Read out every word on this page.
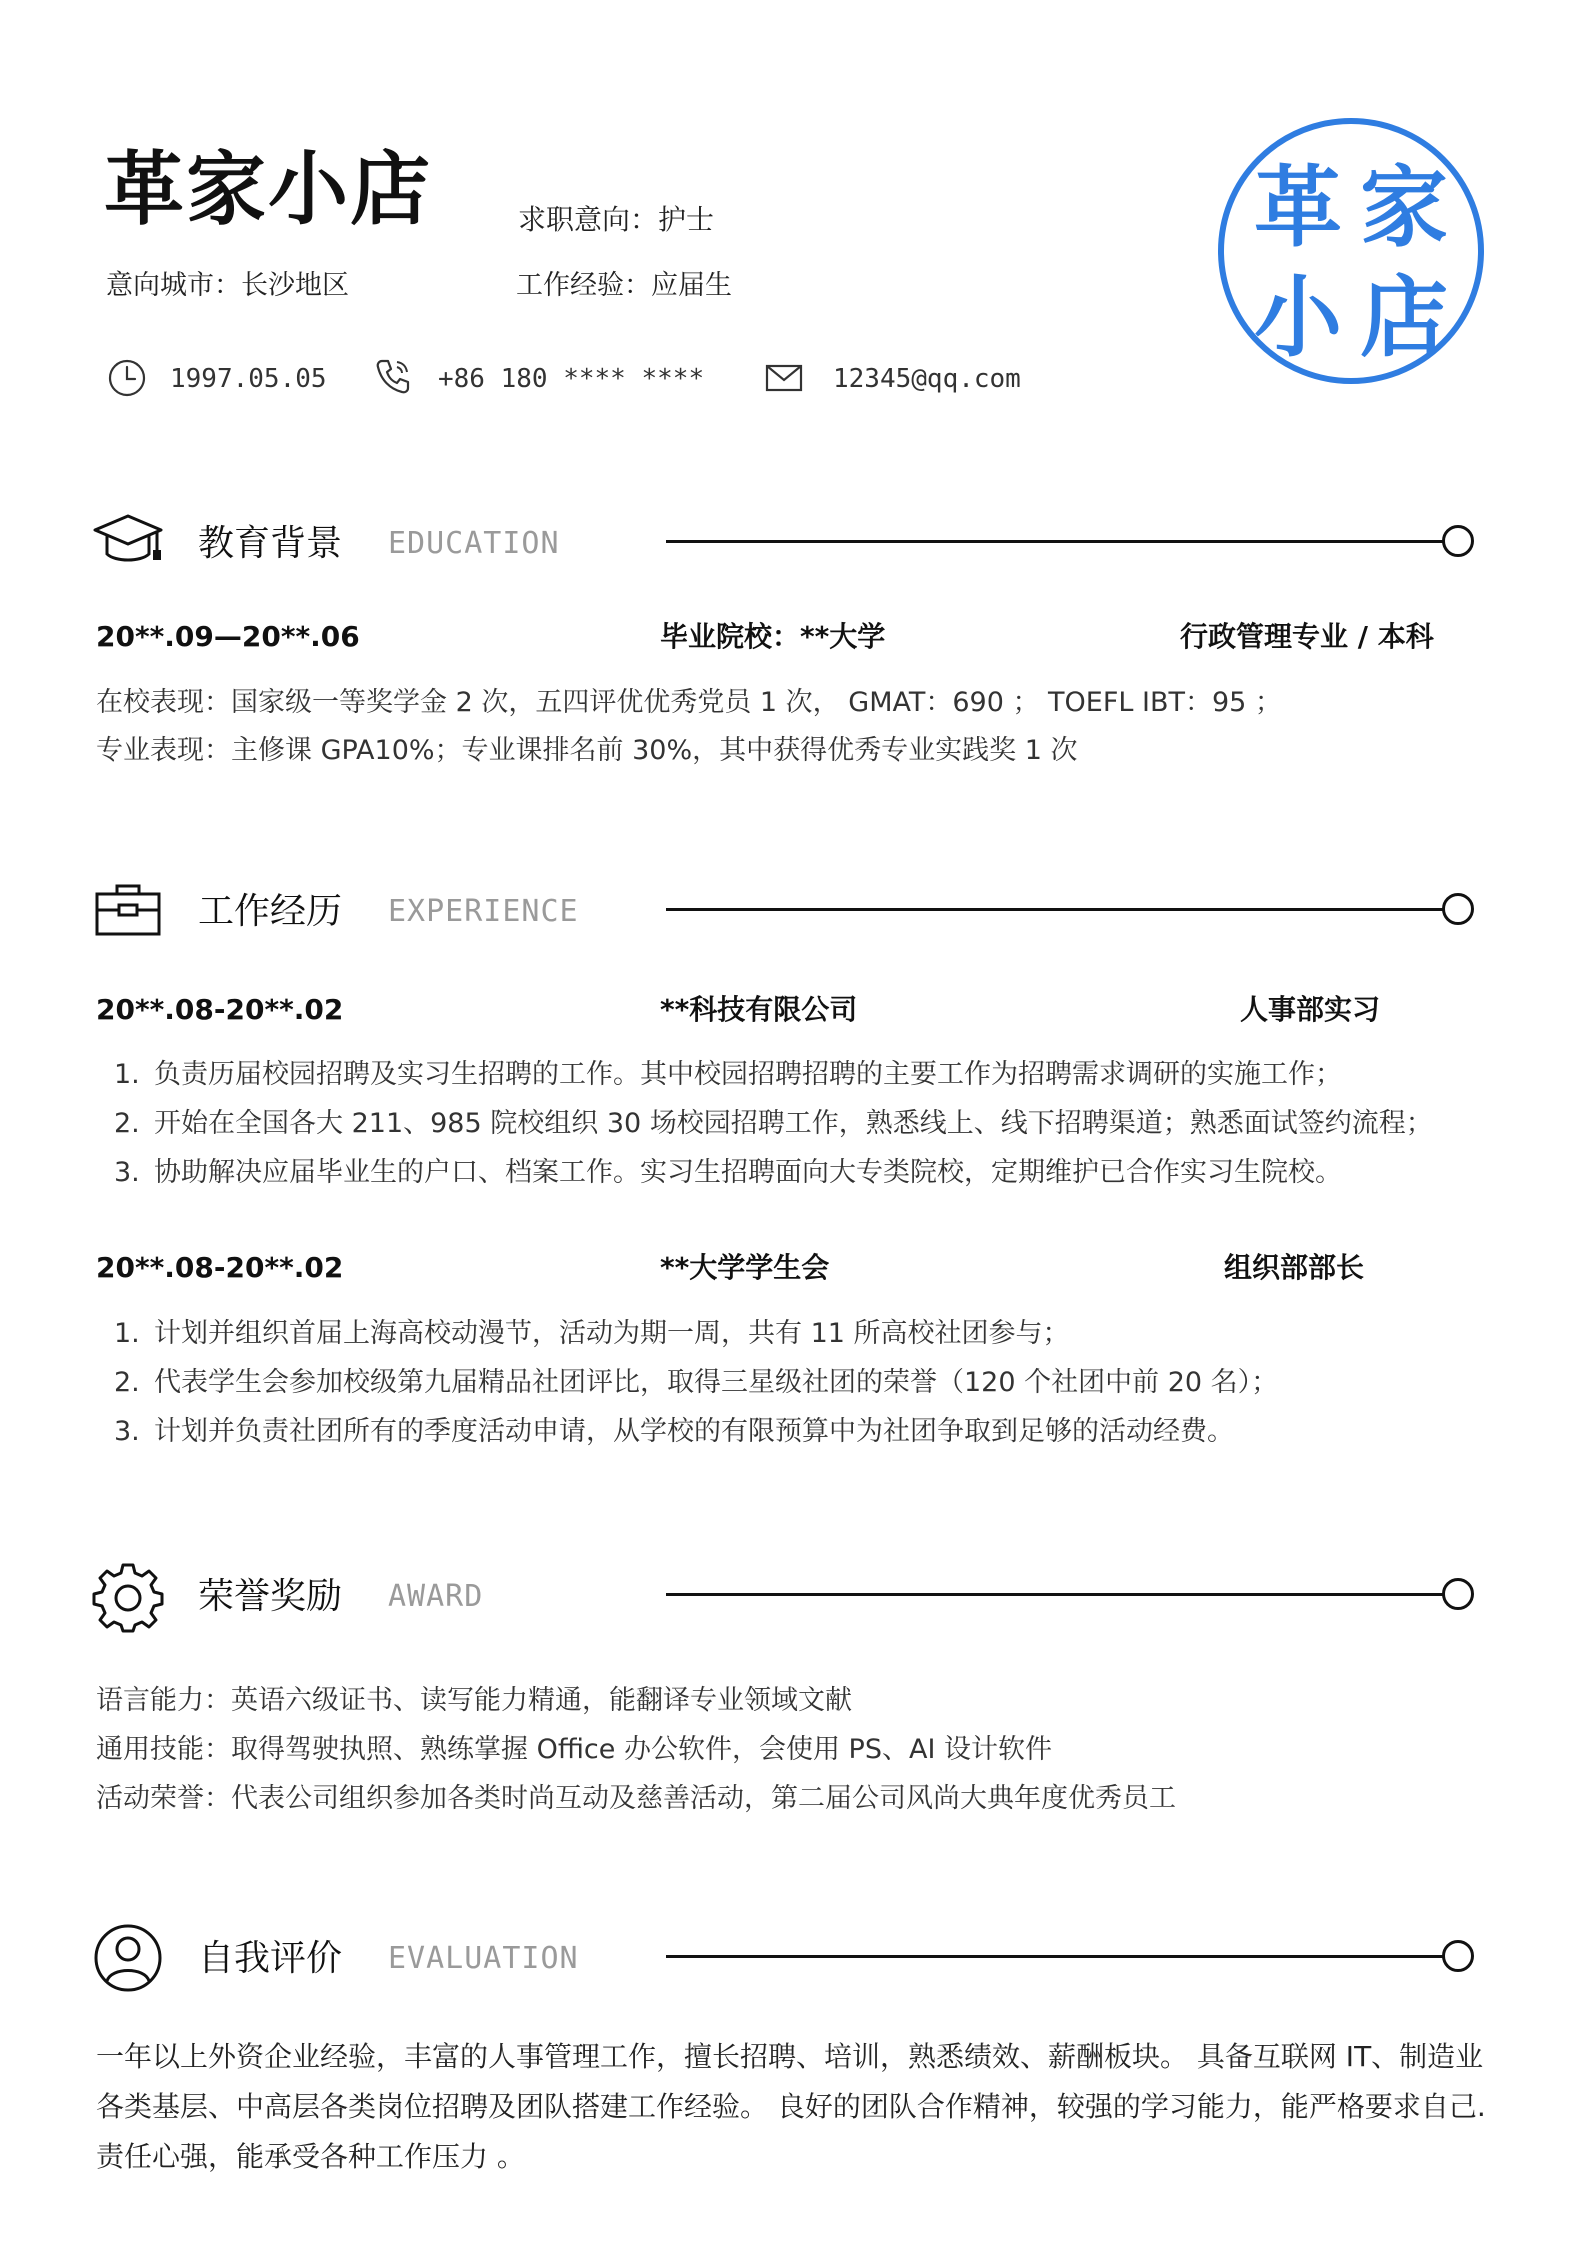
革家小店	求职意向：护士
意向城市：长沙地区	工作经验：应届生
1997.05.05	+86 180 **** ****	12345@qq.com
革 家
小 店
教育背景 EDUCATION
20**.09—20**.06	毕业院校：**大学	行政管理专业 / 本科
在校表现：国家级一等奖学金 2 次，五四评优优秀党员 1 次， GMAT：690 ； TOEFL IBT：95 ；
专业表现：主修课 GPA10%；专业课排名前 30%，其中获得优秀专业实践奖 1 次
工作经历 EXPERIENCE
20**.08-20**.02	**科技有限公司	人事部实习
1. 负责历届校园招聘及实习生招聘的工作。其中校园招聘招聘的主要工作为招聘需求调研的实施工作；
2. 开始在全国各大 211、985 院校组织 30 场校园招聘工作，熟悉线上、线下招聘渠道；熟悉面试签约流程；
3. 协助解决应届毕业生的户口、档案工作。实习生招聘面向大专类院校，定期维护已合作实习生院校。
20**.08-20**.02	**大学学生会	组织部部长
1. 计划并组织首届上海高校动漫节，活动为期一周，共有 11 所高校社团参与；
2. 代表学生会参加校级第九届精品社团评比，取得三星级社团的荣誉（120 个社团中前 20 名）；
3. 计划并负责社团所有的季度活动申请，从学校的有限预算中为社团争取到足够的活动经费。
荣誉奖励 AWARD
语言能力：英语六级证书、读写能力精通，能翻译专业领域文献
通用技能：取得驾驶执照、熟练掌握 Office 办公软件，会使用 PS、AI 设计软件
活动荣誉：代表公司组织参加各类时尚互动及慈善活动，第二届公司风尚大典年度优秀员工
自我评价 EVALUATION
一年以上外资企业经验，丰富的人事管理工作，擅长招聘、培训，熟悉绩效、薪酬板块。 具备互联网 IT、制造业各类基层、中高层各类岗位招聘及团队搭建工作经验。 良好的团队合作精神，较强的学习能力，能严格要求自己.责任心强，能承受各种工作压力 。
